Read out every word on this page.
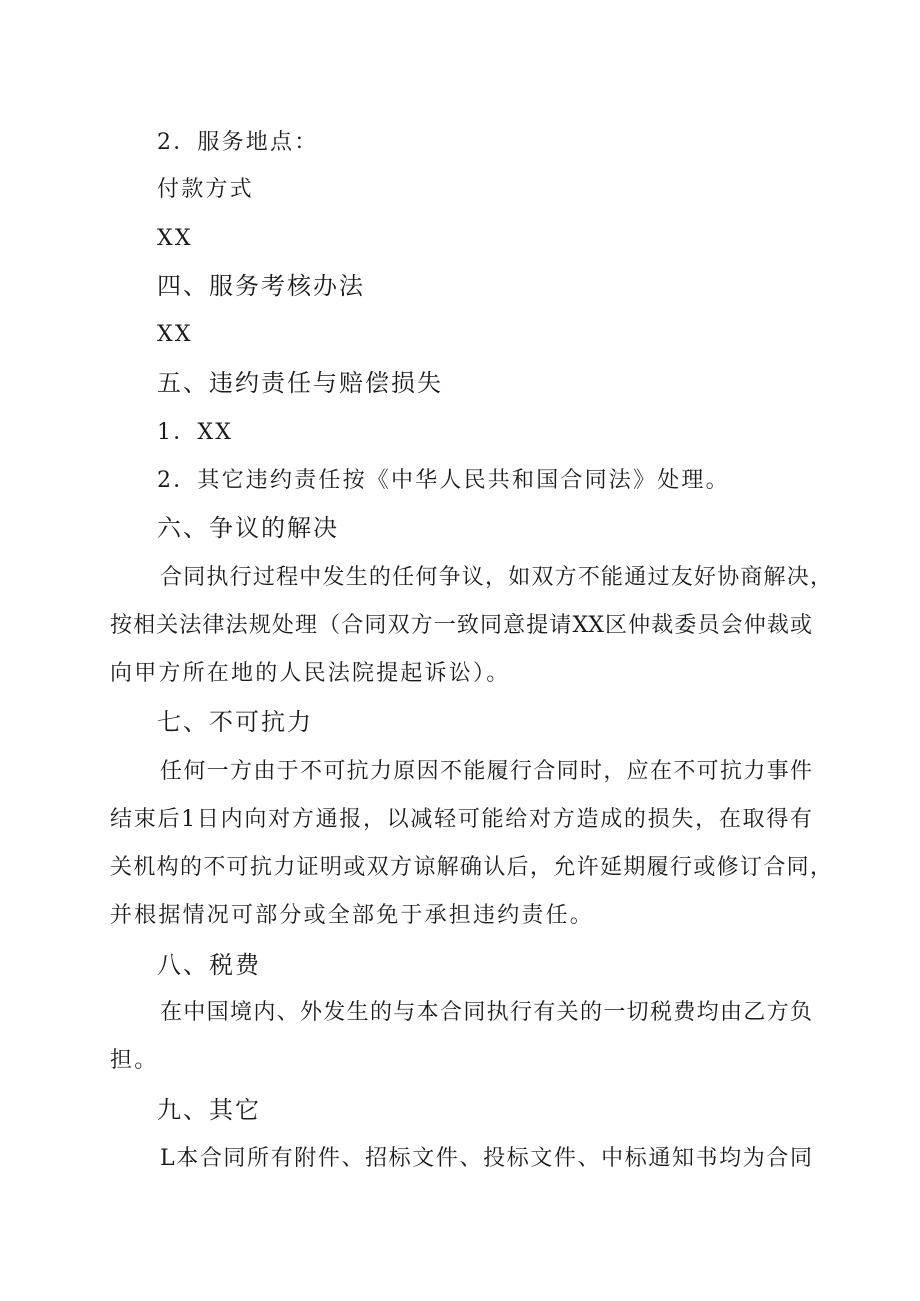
2．服务地点：
付款方式
XX
四、服务考核办法
XX
五、违约责任与赔偿损失
1．XX
2．其它违约责任按《中华人民共和国合同法》处理。
六、争议的解决
合同执行过程中发生的任何争议，如双方不能通过友好协商解决，
按相关法律法规处理（合同双方一致同意提请XX区仲裁委员会仲裁或
向甲方所在地的人民法院提起诉讼）。
七、不可抗力
任何一方由于不可抗力原因不能履行合同时，应在不可抗力事件
结束后1日内向对方通报，以减轻可能给对方造成的损失，在取得有
关机构的不可抗力证明或双方谅解确认后，允许延期履行或修订合同，
并根据情况可部分或全部免于承担违约责任。
八、税费
在中国境内、外发生的与本合同执行有关的一切税费均由乙方负
担。
九、其它
L本合同所有附件、招标文件、投标文件、中标通知书均为合同
